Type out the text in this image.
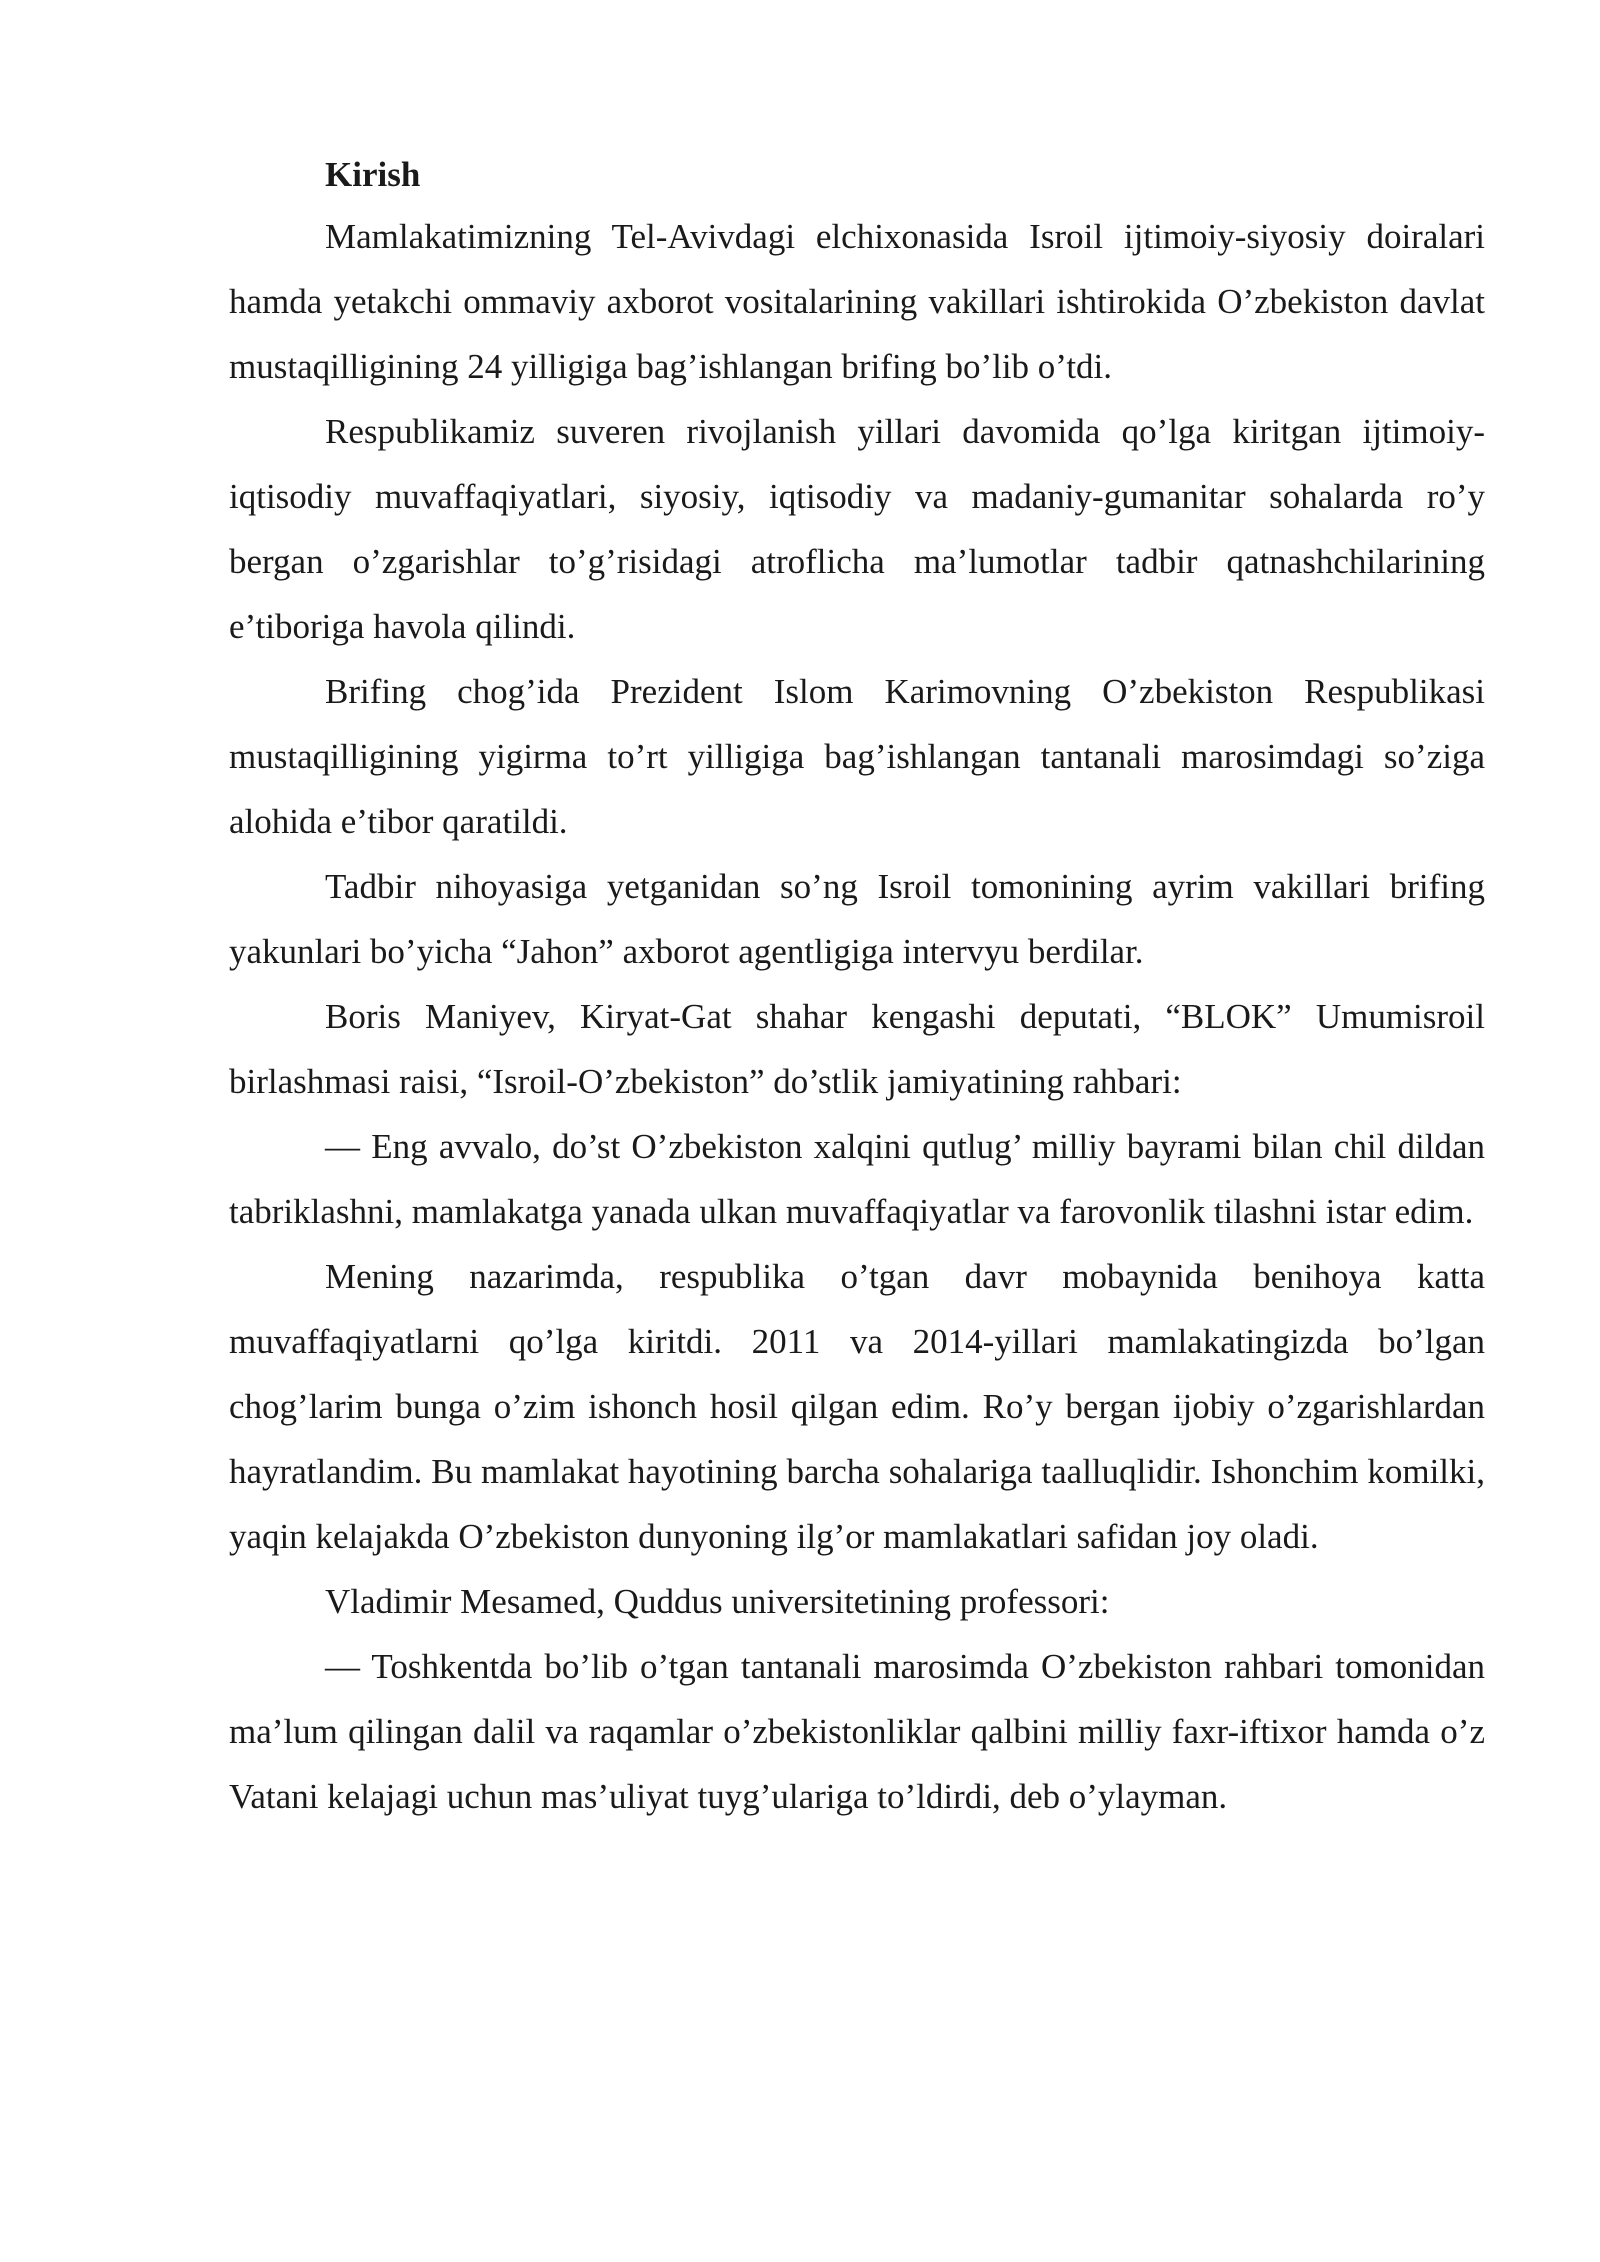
Kirish

Mamlakatimizning Tel-Avivdagi elchixonasida Isroil ijtimoiy-siyosiy doiralari hamda yetakchi ommaviy axborot vositalarining vakillari ishtirokida O’zbekiston davlat mustaqilligining 24 yilligiga bag’ishlangan brifing bo’lib o’tdi.

Respublikamiz suveren rivojlanish yillari davomida qo’lga kiritgan ijtimoiy-iqtisodiy muvaffaqiyatlari, siyosiy, iqtisodiy va madaniy-gumanitar sohalarda ro’y bergan o’zgarishlar to’g’risidagi atroflicha ma’lumotlar tadbir qatnashchilarining e’tiboriga havola qilindi.

Brifing chog’ida Prezident Islom Karimovning O’zbekiston Respublikasi mustaqilligining yigirma to’rt yilligiga bag’ishlangan tantanali marosimdagi so’ziga alohida e’tibor qaratildi.

Tadbir nihoyasiga yetganidan so’ng Isroil tomonining ayrim vakillari brifing yakunlari bo’yicha “Jahon” axborot agentligiga intervyu berdilar.

Boris Maniyev, Kiryat-Gat shahar kengashi deputati, “BLOK” Umumisroil birlashmasi raisi, “Isroil-O’zbekiston” do’stlik jamiyatining rahbari:

— Eng avvalo, do’st O’zbekiston xalqini qutlug’ milliy bayrami bilan chil dildan tabriklashni, mamlakatga yanada ulkan muvaffaqiyatlar va farovonlik tilashni istar edim.

Mening nazarimda, respublika o’tgan davr mobaynida benihoya katta muvaffaqiyatlarni qo’lga kiritdi. 2011 va 2014-yillari mamlakatingizda bo’lgan chog’larim bunga o’zim ishonch hosil qilgan edim. Ro’y bergan ijobiy o’zgarishlardan hayratlandim. Bu mamlakat hayotining barcha sohalariga taalluqlidir. Ishonchim komilki, yaqin kelajakda O’zbekiston dunyoning ilg’or mamlakatlari safidan joy oladi.

Vladimir Mesamed, Quddus universitetining professori:

— Toshkentda bo’lib o’tgan tantanali marosimda O’zbekiston rahbari tomonidan ma’lum qilingan dalil va raqamlar o’zbekistonliklar qalbini milliy faxr-iftixor hamda o’z Vatani kelajagi uchun mas’uliyat tuyg’ulariga to’ldirdi, deb o’ylayman.
